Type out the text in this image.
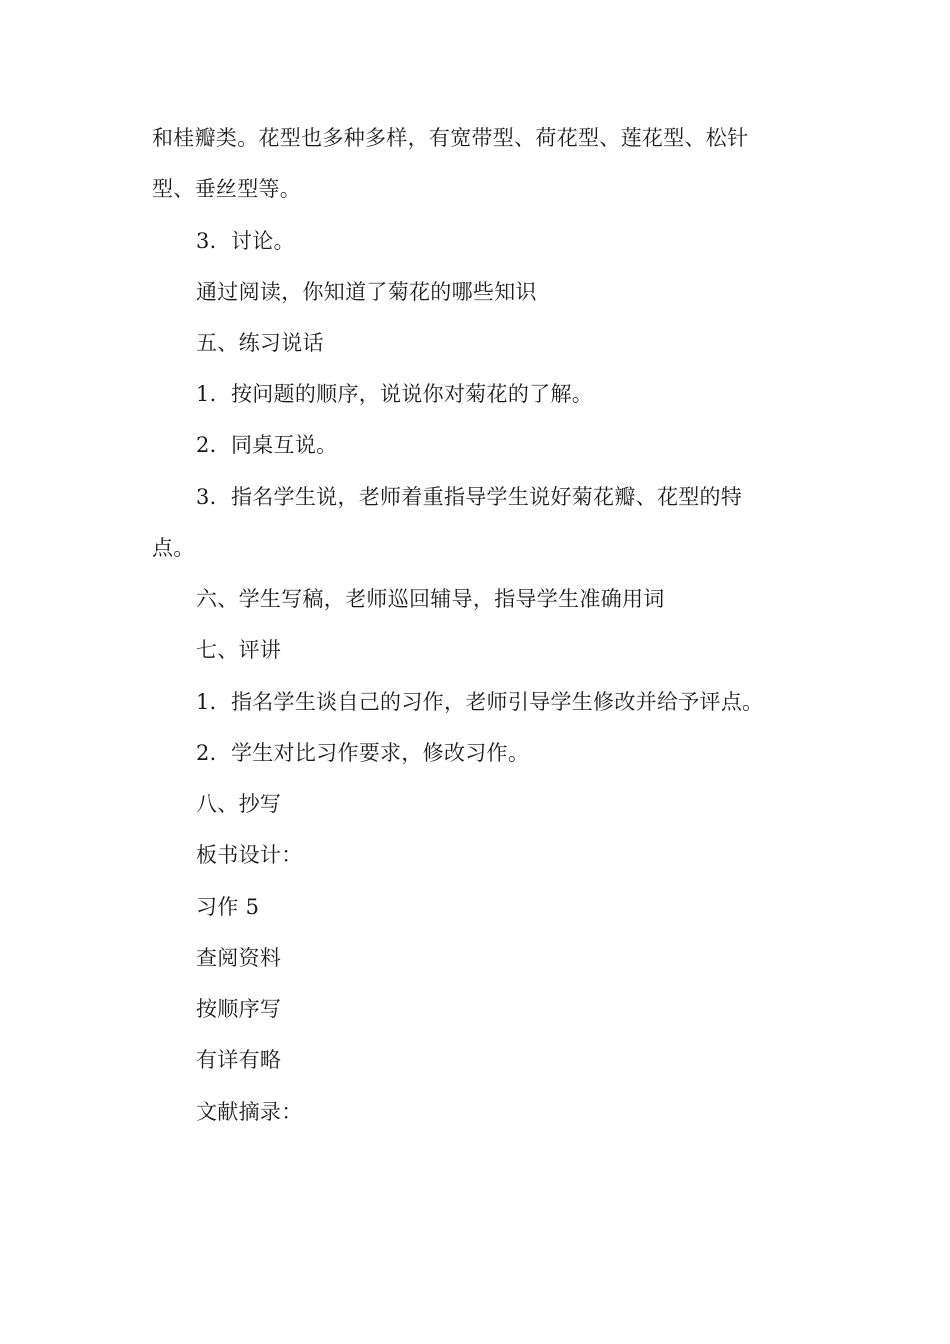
和桂瓣类。花型也多种多样，有宽带型、荷花型、莲花型、松针
型、垂丝型等。
3．讨论。
通过阅读，你知道了菊花的哪些知识
五、练习说话
1．按问题的顺序，说说你对菊花的了解。
2．同桌互说。
3．指名学生说，老师着重指导学生说好菊花瓣、花型的特
点。
六、学生写稿，老师巡回辅导，指导学生准确用词
七、评讲
1．指名学生谈自己的习作，老师引导学生修改并给予评点。
2．学生对比习作要求，修改习作。
八、抄写
板书设计：
习作 5
查阅资料
按顺序写
有详有略
文献摘录：
